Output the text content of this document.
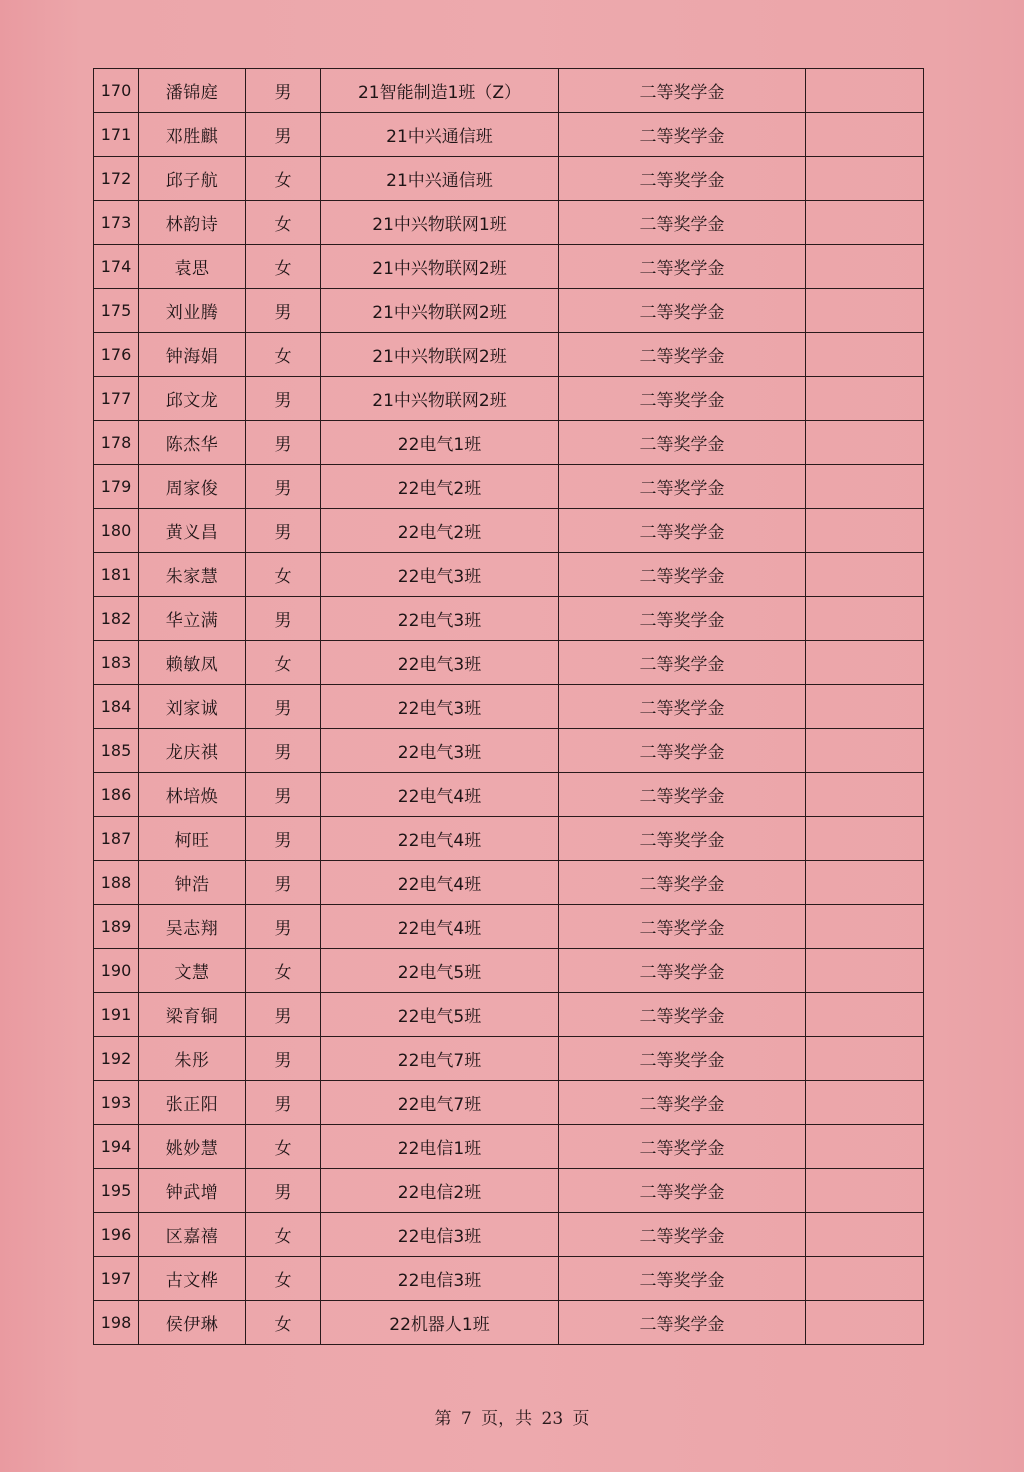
170	潘锦庭	男	21智能制造1班（Z）	二等奖学金	
171	邓胜麒	男	21中兴通信班	二等奖学金	
172	邱子航	女	21中兴通信班	二等奖学金	
173	林韵诗	女	21中兴物联网1班	二等奖学金	
174	袁思	女	21中兴物联网2班	二等奖学金	
175	刘业腾	男	21中兴物联网2班	二等奖学金	
176	钟海娟	女	21中兴物联网2班	二等奖学金	
177	邱文龙	男	21中兴物联网2班	二等奖学金	
178	陈杰华	男	22电气1班	二等奖学金	
179	周家俊	男	22电气2班	二等奖学金	
180	黄义昌	男	22电气2班	二等奖学金	
181	朱家慧	女	22电气3班	二等奖学金	
182	华立满	男	22电气3班	二等奖学金	
183	赖敏凤	女	22电气3班	二等奖学金	
184	刘家诚	男	22电气3班	二等奖学金	
185	龙庆祺	男	22电气3班	二等奖学金	
186	林培焕	男	22电气4班	二等奖学金	
187	柯旺	男	22电气4班	二等奖学金	
188	钟浩	男	22电气4班	二等奖学金	
189	吴志翔	男	22电气4班	二等奖学金	
190	文慧	女	22电气5班	二等奖学金	
191	梁育铜	男	22电气5班	二等奖学金	
192	朱彤	男	22电气7班	二等奖学金	
193	张正阳	男	22电气7班	二等奖学金	
194	姚妙慧	女	22电信1班	二等奖学金	
195	钟武增	男	22电信2班	二等奖学金	
196	区嘉禧	女	22电信3班	二等奖学金	
197	古文桦	女	22电信3班	二等奖学金	
198	侯伊琳	女	22机器人1班	二等奖学金	
第 7 页，共 23 页
